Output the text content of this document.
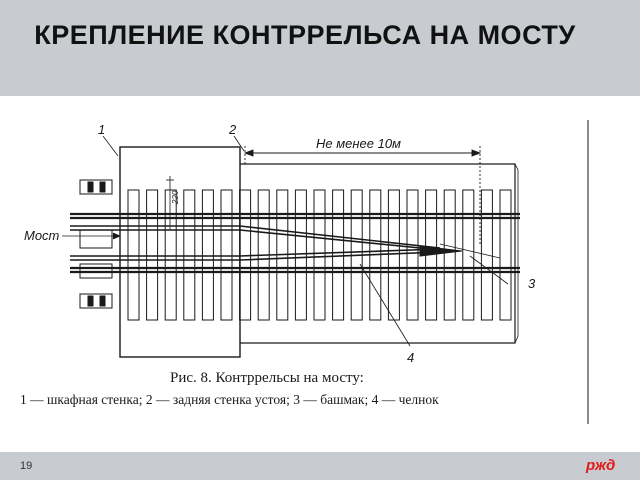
КРЕПЛЕНИЕ КОНТРРЕЛЬСА НА МОСТУ
1	2
3
4
Мост
Не менее 10м
220
Рис. 8. Контррельсы на мосту:
1 — шкафная стенка; 2 — задняя стенка устоя; 3 — башмак; 4 — челнок
19	ржд
